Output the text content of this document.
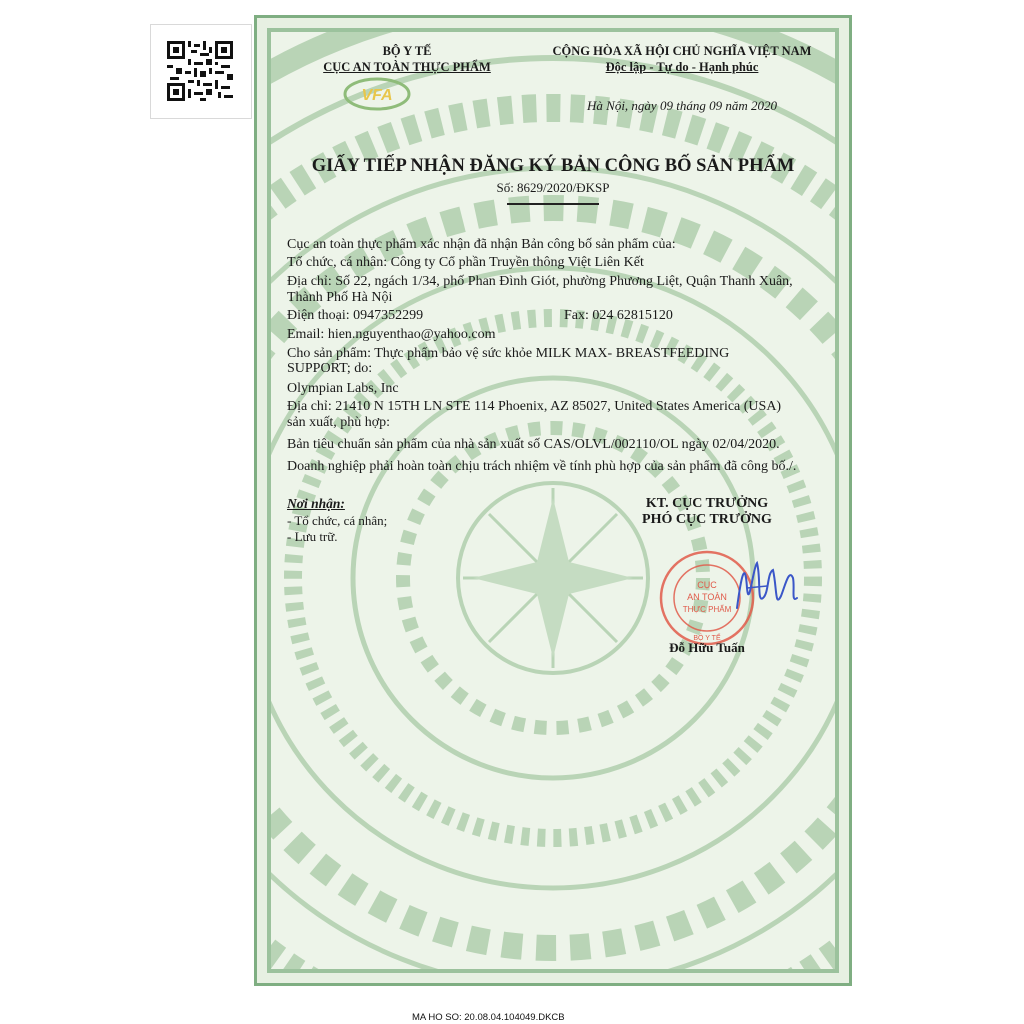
BỘ Y TẾ
CỤC AN TOÀN THỰC PHẨM
VFA
CỘNG HÒA XÃ HỘI CHỦ NGHĨA VIỆT NAM
Độc lập - Tự do - Hạnh phúc
Hà Nội, ngày 09 tháng 09 năm 2020
GIẤY TIẾP NHẬN ĐĂNG KÝ BẢN CÔNG BỐ SẢN PHẨM
Số: 8629/2020/ĐKSP
Cục an toàn thực phẩm xác nhận đã nhận Bản công bố sản phẩm của:
Tổ chức, cá nhân: Công ty Cổ phần Truyền thông Việt Liên Kết
Địa chỉ: Số 22, ngách 1/34, phố Phan Đình Giót, phường Phương Liệt, Quận Thanh Xuân,
Thành Phố Hà Nội
Điện thoại: 0947352299	Fax: 024 62815120
Email: hien.nguyenthao@yahoo.com
Cho sản phẩm: Thực phẩm bảo vệ sức khỏe MILK MAX- BREASTFEEDING
SUPPORT; do:
Olympian Labs, Inc
Địa chỉ: 21410 N 15TH LN STE 114 Phoenix, AZ 85027, United States America (USA)
sản xuất, phù hợp:
Bản tiêu chuẩn sản phẩm của nhà sản xuất số CAS/OLVL/002110/OL ngày 02/04/2020.
Doanh nghiệp phải hoàn toàn chịu trách nhiệm về tính phù hợp của sản phẩm đã công bố./.
Nơi nhận:
- Tổ chức, cá nhân;
- Lưu trữ.
KT. CỤC TRƯỞNG
PHÓ CỤC TRƯỞNG
CỤC
AN TOÀN
THỰC PHẨM
BỘ Y TẾ
Đỗ Hữu Tuấn
MA HO SO: 20.08.04.104049.DKCB
